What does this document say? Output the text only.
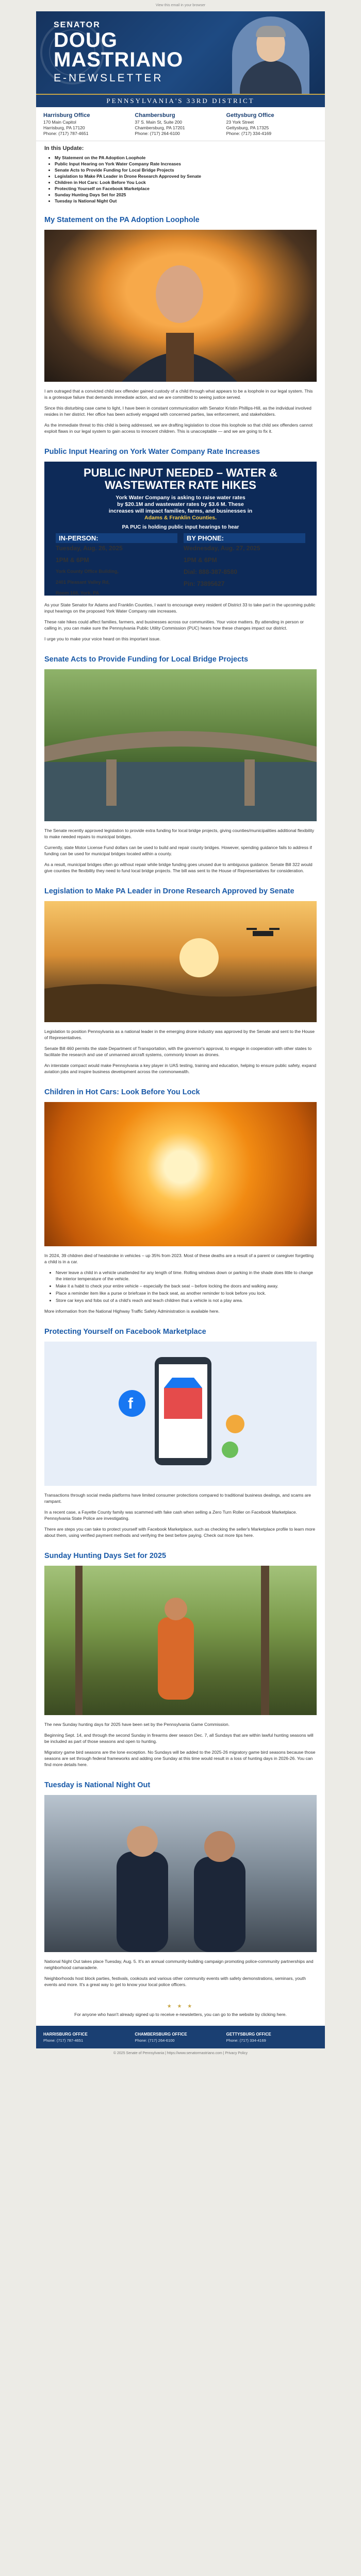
View this email in your browser
SENATOR
DOUG
MASTRIANO
E-NEWSLETTER
PENNSYLVANIA'S 33RD DISTRICT
Harrisburg Office

170 Main Capitol

Harrisburg, PA 17120

Phone: (717) 787-4651

Chambersburg

37 S. Main St, Suite 200

Chambersburg, PA 17201

Phone: (717) 264-6100

Gettysburg Office

23 York Street

Gettysburg, PA 17325

Phone: (717) 334-4169

In this Update:
• My Statement on the PA Adoption Loophole
• Public Input Hearing on York Water Company Rate Increases
• Senate Acts to Provide Funding for Local Bridge Projects
• Legislation to Make PA Leader in Drone Research Approved by Senate
• Children in Hot Cars: Look Before You Lock
• Protecting Yourself on Facebook Marketplace
• Sunday Hunting Days Set for 2025
• Tuesday is National Night Out
My Statement on the PA Adoption Loophole

I am outraged that a convicted child sex offender gained custody of a child through what appears to be a loophole in our legal system. This is a grotesque failure that demands immediate action, and we are committed to seeing justice served.

Since this disturbing case came to light, I have been in constant communication with Senator Kristin Phillips-Hill, as the individual involved resides in her district. Her office has been actively engaged with concerned parties, law enforcement, and stakeholders.

As the immediate threat to this child is being addressed, we are drafting legislation to close this loophole so that child sex offenders cannot exploit flaws in our legal system to gain access to innocent children. This is unacceptable — and we are going to fix it.

Public Input Hearing on York Water Company Rate Increases
PUBLIC INPUT NEEDED – WATER & WASTEWATER RATE HIKES
York Water Company is asking to raise water rates
by $20.1M and wastewater rates by $3.6 M. These
increases will impact families, farms, and businesses in
Adams & Franklin Counties.
PA PUC is holding public input hearings to hear
IN-PERSON:

Tuesday, Aug. 26, 2025

1PM & 6PM

York County Office Building,

2401 Pleasant Valley Rd,

Room 168, York, PA

BY PHONE:

Wednesday, Aug. 27, 2025

1PM & 6PM

Dial: 888-387-8580

Pin: 73895627

As your State Senator for Adams and Franklin Counties, I want to encourage every resident of District 33 to take part in the upcoming public input hearings on the proposed York Water Company rate increases.

These rate hikes could affect families, farmers, and businesses across our communities. Your voice matters. By attending in person or calling in, you can make sure the Pennsylvania Public Utility Commission (PUC) hears how these changes impact our district.

I urge you to make your voice heard on this important issue.

Senate Acts to Provide Funding for Local Bridge Projects

The Senate recently approved legislation to provide extra funding for local bridge projects, giving counties/municipalities additional flexibility to make needed repairs to municipal bridges.

Currently, state Motor License Fund dollars can be used to build and repair county bridges. However, spending guidance fails to address if funding can be used for municipal bridges located within a county.

As a result, municipal bridges often go without repair while bridge funding goes unused due to ambiguous guidance. Senate Bill 322 would give counties the flexibility they need to fund local bridge projects. The bill was sent to the House of Representatives for consideration.

Legislation to Make PA Leader in Drone Research Approved by Senate

Legislation to position Pennsylvania as a national leader in the emerging drone industry was approved by the Senate and sent to the House of Representatives.

Senate Bill 460 permits the state Department of Transportation, with the governor's approval, to engage in cooperation with other states to facilitate the research and use of unmanned aircraft systems, commonly known as drones.

An interstate compact would make Pennsylvania a key player in UAS testing, training and education, helping to ensure public safety, expand aviation jobs and inspire business development across the commonwealth.

Children in Hot Cars: Look Before You Lock

In 2024, 39 children died of heatstroke in vehicles – up 35% from 2023. Most of these deaths are a result of a parent or caregiver forgetting a child is in a car.

• Never leave a child in a vehicle unattended for any length of time. Rolling windows down or parking in the shade does little to change the interior temperature of the vehicle.
• Make it a habit to check your entire vehicle – especially the back seat – before locking the doors and walking away.
• Place a reminder item like a purse or briefcase in the back seat, as another reminder to look before you lock.
• Store car keys and fobs out of a child's reach and teach children that a vehicle is not a play area.

More information from the National Highway Traffic Safety Administration is available here.

Protecting Yourself on Facebook Marketplace
f

Transactions through social media platforms have limited consumer protections compared to traditional business dealings, and scams are rampant.

In a recent case, a Fayette County family was scammed with fake cash when selling a Zero Turn Roller on Facebook Marketplace. Pennsylvania State Police are investigating.

There are steps you can take to protect yourself with Facebook Marketplace, such as checking the seller's Marketplace profile to learn more about them, using verified payment methods and verifying the best before paying. Check out more tips here.

Sunday Hunting Days Set for 2025

The new Sunday hunting days for 2025 have been set by the Pennsylvania Game Commission.

Beginning Sept. 14, and through the second Sunday in firearms deer season Dec. 7, all Sundays that are within lawful hunting seasons will be included as part of those seasons and open to hunting.

Migratory game bird seasons are the lone exception. No Sundays will be added to the 2025-26 migratory game bird seasons because those seasons are set through federal frameworks and adding one Sunday at this time would result in a loss of hunting days in 2026-26. You can find more details here.

Tuesday is National Night Out

National Night Out takes place Tuesday, Aug. 5. It's an annual community-building campaign promoting police-community partnerships and neighborhood camaraderie.

Neighborhoods host block parties, festivals, cookouts and various other community events with safety demonstrations, seminars, youth events and more. It's a great way to get to know your local police officers.

★ ★ ★

For anyone who hasn't already signed up to receive e-newsletters, you can go to the website by clicking here.

HARRISBURG OFFICE

Phone: (717) 787-4651

CHAMBERSBURG OFFICE

Phone: (717) 264-6100

GETTYSBURG OFFICE

Phone: (717) 334-4169

© 2025 Senate of Pennsylvania | https://www.senatormastriano.com | Privacy Policy
